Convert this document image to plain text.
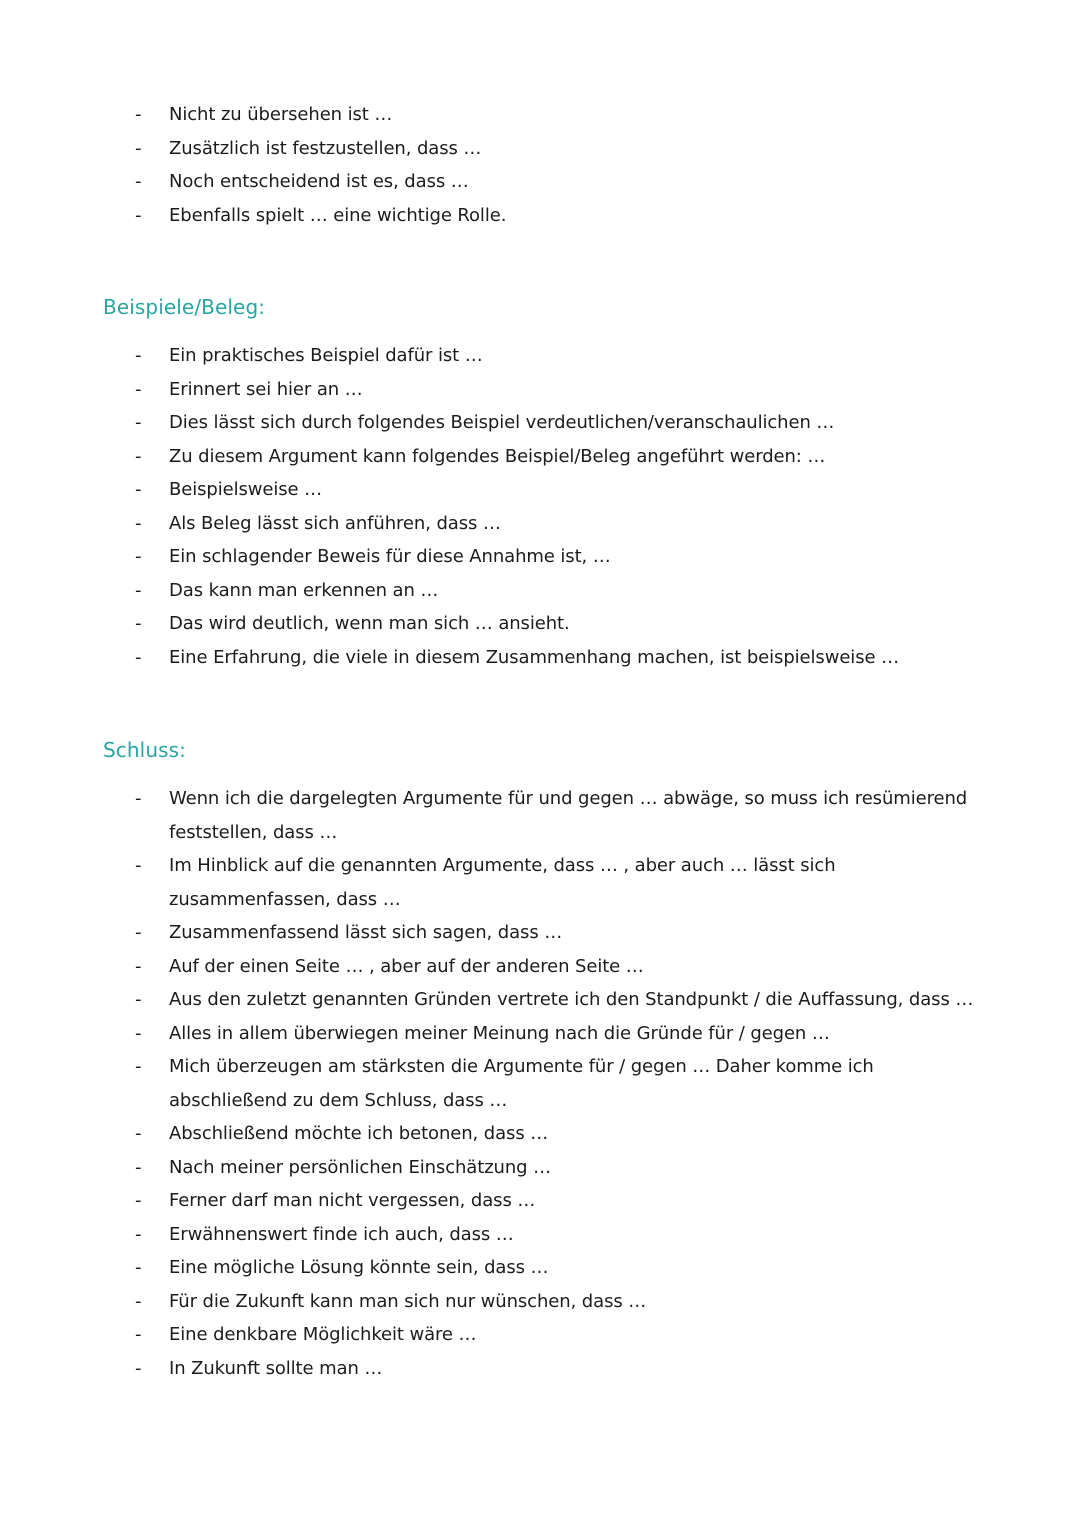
-	Nicht zu übersehen ist …
-	Zusätzlich ist festzustellen, dass …
-	Noch entscheidend ist es, dass …
-	Ebenfalls spielt … eine wichtige Rolle.
Beispiele/Beleg:
-	Ein praktisches Beispiel dafür ist …
-	Erinnert sei hier an …
-	Dies lässt sich durch folgendes Beispiel verdeutlichen/veranschaulichen …
-	Zu diesem Argument kann folgendes Beispiel/Beleg angeführt werden: …
-	Beispielsweise …
-	Als Beleg lässt sich anführen, dass …
-	Ein schlagender Beweis für diese Annahme ist, …
-	Das kann man erkennen an …
-	Das wird deutlich, wenn man sich … ansieht.
-	Eine Erfahrung, die viele in diesem Zusammenhang machen, ist beispielsweise …
Schluss:
-	Wenn ich die dargelegten Argumente für und gegen … abwäge, so muss ich resümierend feststellen, dass …
-	Im Hinblick auf die genannten Argumente, dass … , aber auch … lässt sich zusammenfassen, dass …
-	Zusammenfassend lässt sich sagen, dass …
-	Auf der einen Seite … , aber auf der anderen Seite …
-	Aus den zuletzt genannten Gründen vertrete ich den Standpunkt / die Auffassung, dass …
-	Alles in allem überwiegen meiner Meinung nach die Gründe für / gegen …
-	Mich überzeugen am stärksten die Argumente für / gegen … Daher komme ich abschließend zu dem Schluss, dass …
-	Abschließend möchte ich betonen, dass …
-	Nach meiner persönlichen Einschätzung …
-	Ferner darf man nicht vergessen, dass …
-	Erwähnenswert finde ich auch, dass …
-	Eine mögliche Lösung könnte sein, dass …
-	Für die Zukunft kann man sich nur wünschen, dass …
-	Eine denkbare Möglichkeit wäre …
-	In Zukunft sollte man …
